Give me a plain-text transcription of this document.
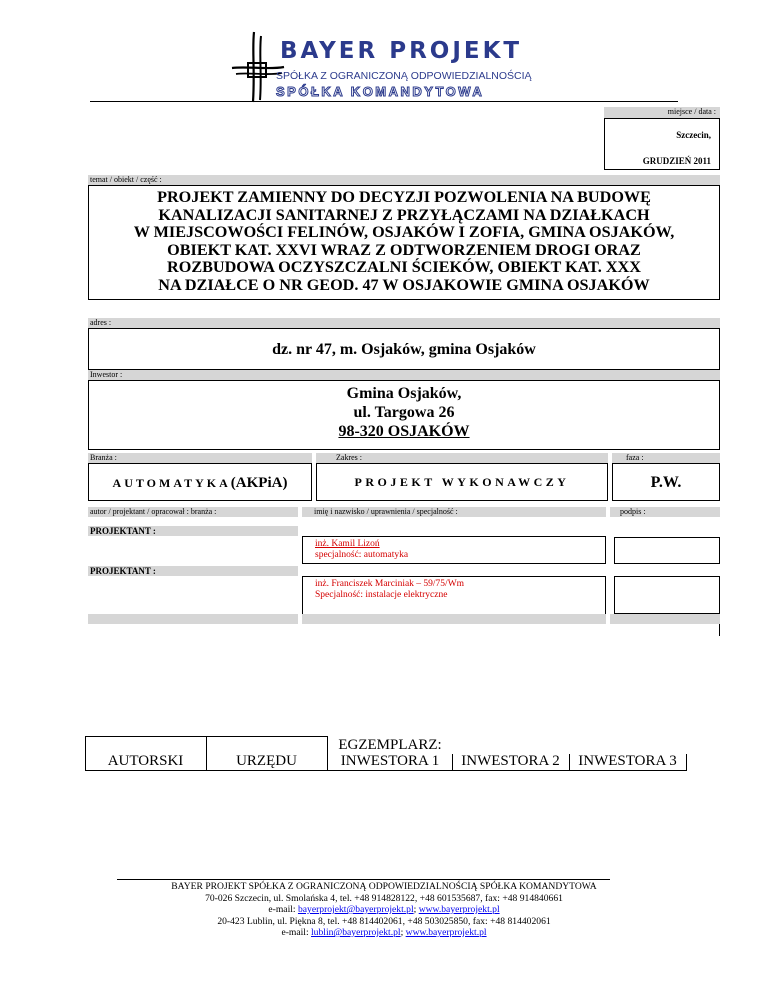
BAYER PROJEKT
SPÓŁKA Z OGRANICZONĄ ODPOWIEDZIALNOŚCIĄ
SPÓŁKA KOMANDYTOWA
miejsce / data :
Szczecin,
GRUDZIEŃ 2011
temat / obiekt / część :
PROJEKT ZAMIENNY DO DECYZJI POZWOLENIA NA BUDOWĘ
KANALIZACJI SANITARNEJ Z PRZYŁĄCZAMI NA DZIAŁKACH
W MIEJSCOWOŚCI FELINÓW, OSJAKÓW I ZOFIA, GMINA OSJAKÓW,
OBIEKT KAT. XXVI WRAZ Z ODTWORZENIEM DROGI ORAZ
ROZBUDOWA OCZYSZCZALNI ŚCIEKÓW, OBIEKT KAT. XXX
NA DZIAŁCE O NR GEOD. 47 W OSJAKOWIE GMINA OSJAKÓW
adres :
dz. nr 47, m. Osjaków, gmina Osjaków
Inwestor :
Gmina Osjaków,
ul. Targowa 26
98-320 OSJAKÓW
Branża :	Zakres :	faza :
AUTOMATYKA(AKPiA)	PROJEKT WYKONAWCZY	P.W.
autor / projektant / opracował : branża :	imię i nazwisko / uprawnienia / specjalność :	podpis :
PROJEKTANT :
inż. Kamil Lizoń
specjalność: automatyka
PROJEKTANT :
inż. Franciszek Marciniak – 59/75/Wm
Specjalność: instalacje elektryczne
EGZEMPLARZ:
AUTORSKI	URZĘDU	INWESTORA 1	INWESTORA 2	INWESTORA 3
BAYER PROJEKT SPÓŁKA Z OGRANICZONĄ ODPOWIEDZIALNOŚCIĄ SPÓŁKA KOMANDYTOWA
70-026 Szczecin, ul. Smolańska 4, tel. +48 914828122, +48 601535687, fax: +48 914840661
e-mail: bayerprojekt@bayerprojekt.pl; www.bayerprojekt.pl
20-423 Lublin, ul. Piękna 8, tel. +48 814402061, +48 503025850, fax: +48 814402061
e-mail: lublin@bayerprojekt.pl; www.bayerprojekt.pl
